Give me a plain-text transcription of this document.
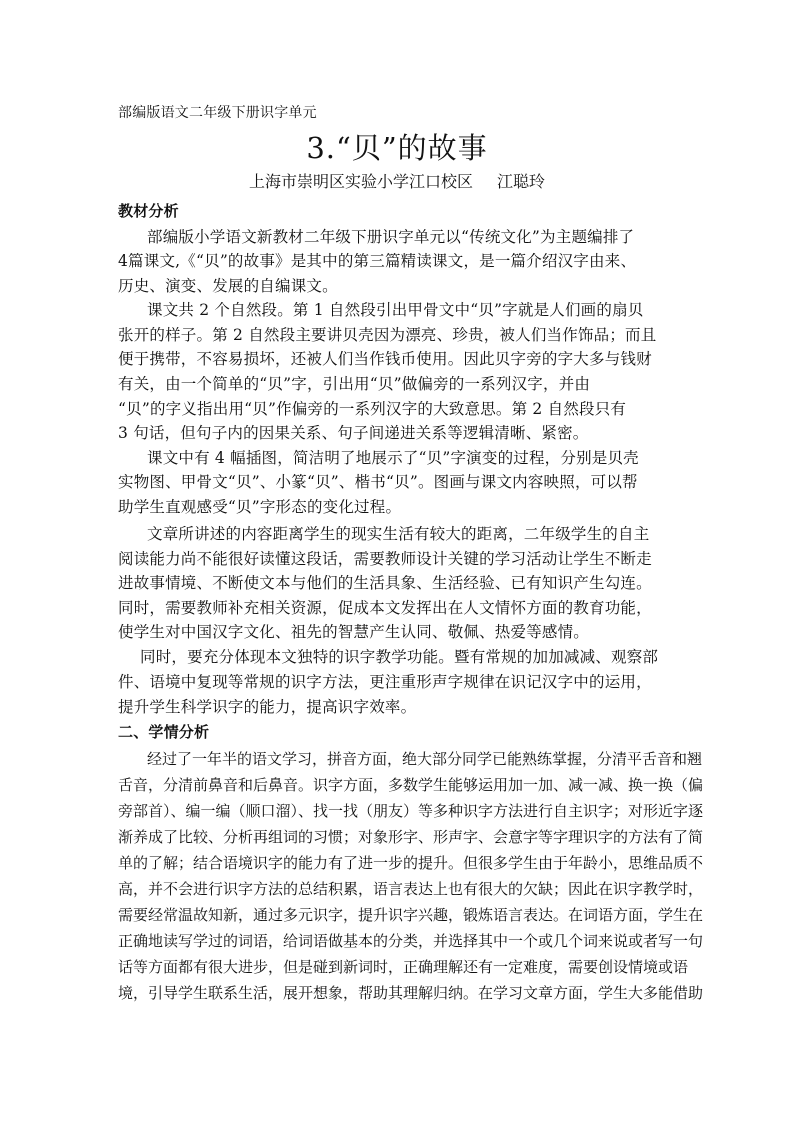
部编版语文二年级下册识字单元
3.“贝”的故事
上海市崇明区实验小学江口校区 江聪玲
教材分析
部编版小学语文新教材二年级下册识字单元以“传统文化”为主题编排了
4篇课文,《“贝”的故事》是其中的第三篇精读课文，是一篇介绍汉字由来、
历史、演变、发展的自编课文。
课文共 2 个自然段。第 1 自然段引出甲骨文中“贝”字就是人们画的扇贝
张开的样子。第 2 自然段主要讲贝壳因为漂亮、珍贵，被人们当作饰品；而且
便于携带，不容易损坏，还被人们当作钱币使用。因此贝字旁的字大多与钱财
有关，由一个简单的“贝”字，引出用“贝”做偏旁的一系列汉字，并由
“贝”的字义指出用“贝”作偏旁的一系列汉字的大致意思。第 2 自然段只有
3 句话，但句子内的因果关系、句子间递进关系等逻辑清晰、紧密。
课文中有 4 幅插图，简洁明了地展示了“贝”字演变的过程，分别是贝壳
实物图、甲骨文“贝”、小篆“贝”、楷书“贝”。图画与课文内容映照，可以帮
助学生直观感受“贝”字形态的变化过程。
文章所讲述的内容距离学生的现实生活有较大的距离，二年级学生的自主
阅读能力尚不能很好读懂这段话，需要教师设计关键的学习活动让学生不断走
进故事情境、不断使文本与他们的生活具象、生活经验、已有知识产生勾连。
同时，需要教师补充相关资源，促成本文发挥出在人文情怀方面的教育功能，
使学生对中国汉字文化、祖先的智慧产生认同、敬佩、热爱等感情。
同时，要充分体现本文独特的识字教学功能。暨有常规的加加减减、观察部
件、语境中复现等常规的识字方法，更注重形声字规律在识记汉字中的运用，
提升学生科学识字的能力，提高识字效率。
二、学情分析
经过了一年半的语文学习，拼音方面，绝大部分同学已能熟练掌握，分清平舌音和翘
舌音，分清前鼻音和后鼻音。识字方面，多数学生能够运用加一加、减一减、换一换（偏
旁部首）、编一编（顺口溜）、找一找（朋友）等多种识字方法进行自主识字；对形近字逐
渐养成了比较、分析再组词的习惯；对象形字、形声字、会意字等字理识字的方法有了简
单的了解；结合语境识字的能力有了进一步的提升。但很多学生由于年龄小，思维品质不
高，并不会进行识字方法的总结积累，语言表达上也有很大的欠缺；因此在识字教学时，
需要经常温故知新，通过多元识字，提升识字兴趣，锻炼语言表达。在词语方面，学生在
正确地读写学过的词语，给词语做基本的分类，并选择其中一个或几个词来说或者写一句
话等方面都有很大进步，但是碰到新词时，正确理解还有一定难度，需要创设情境或语
境，引导学生联系生活，展开想象，帮助其理解归纳。在学习文章方面，学生大多能借助
